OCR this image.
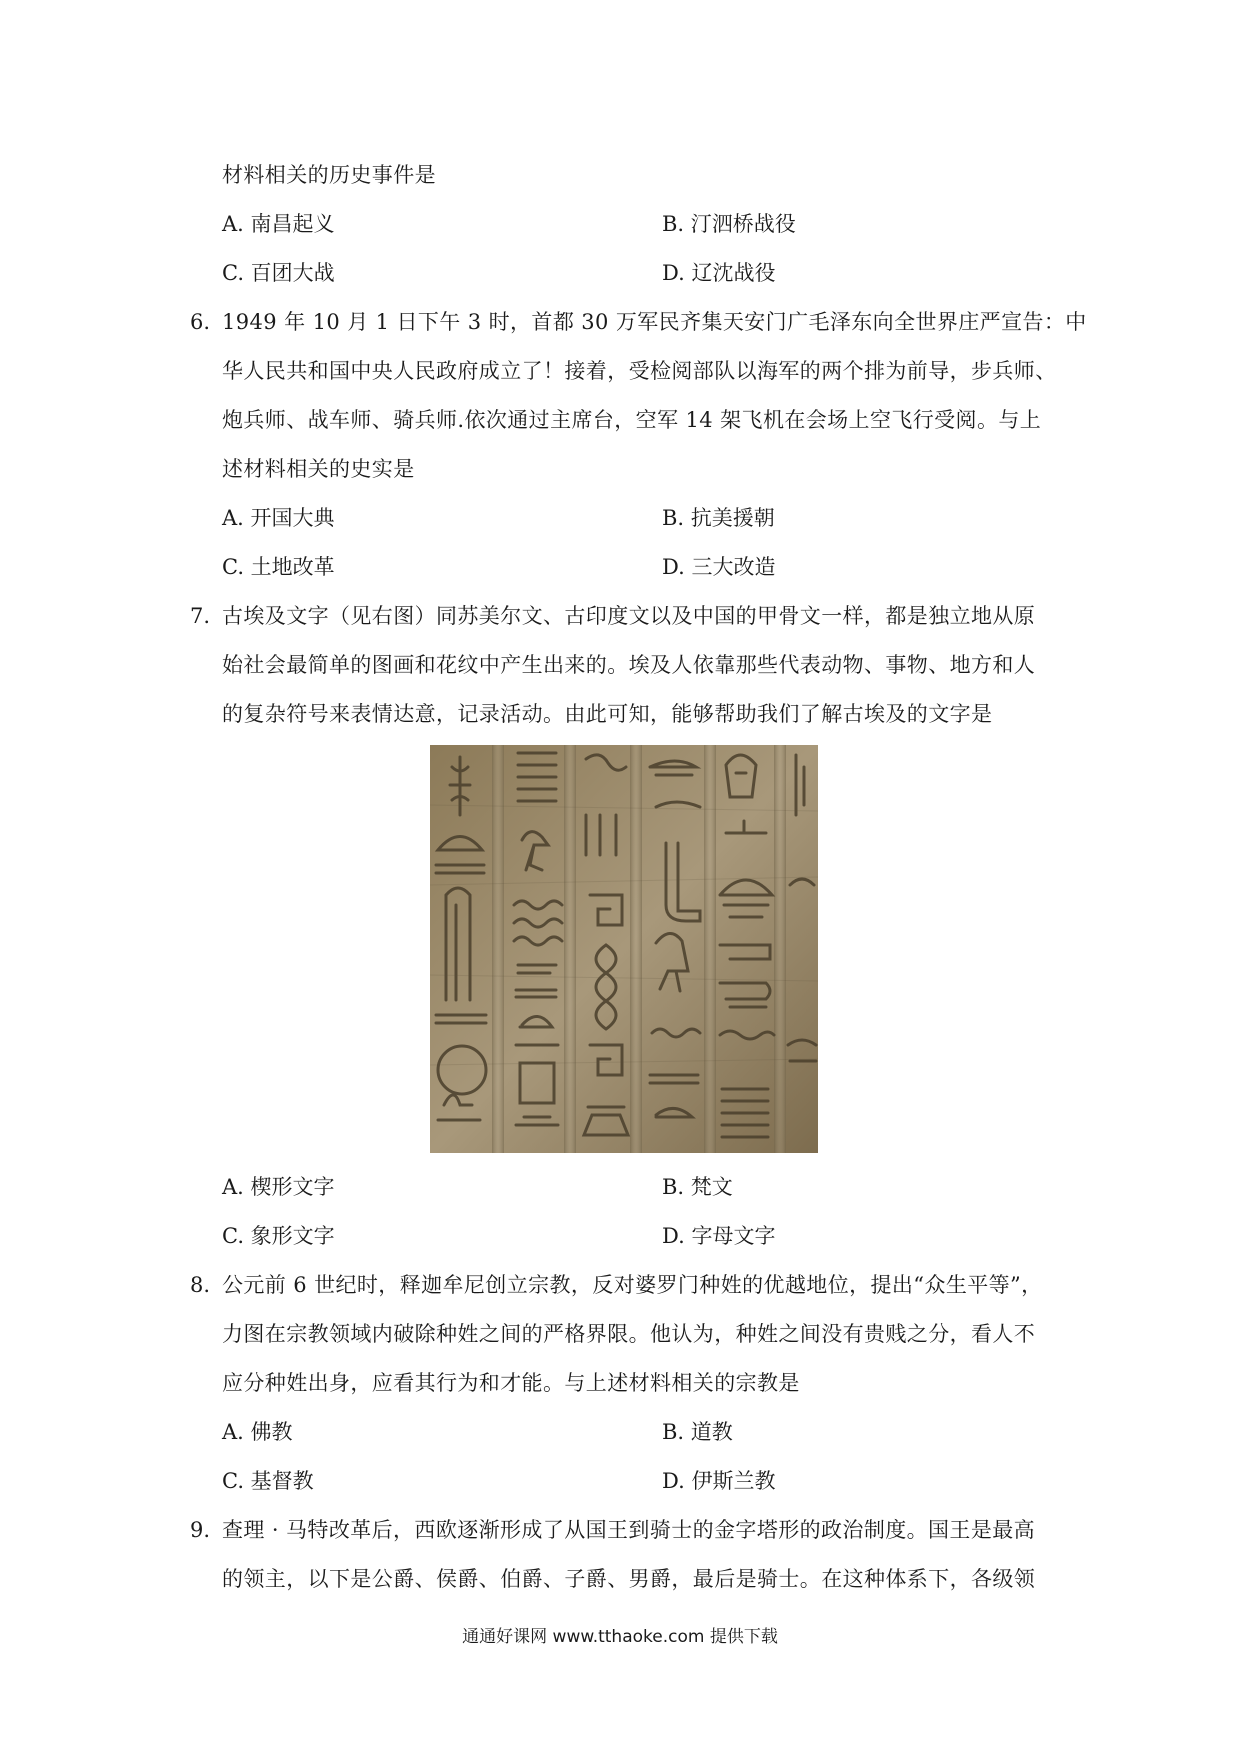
材料相关的历史事件是
A. 南昌起义	B. 汀泗桥战役
C. 百团大战	D. 辽沈战役
6. 1949 年 10 月 1 日下午 3 时，首都 30 万军民齐集天安门广毛泽东向全世界庄严宣告：中
华人民共和国中央人民政府成立了！接着，受检阅部队以海军的两个排为前导，步兵师、
炮兵师、战车师、骑兵师.依次通过主席台，空军 14 架飞机在会场上空飞行受阅。与上
述材料相关的史实是
A. 开国大典	B. 抗美援朝
C. 土地改革	D. 三大改造
7. 古埃及文字（见右图）同苏美尔文、古印度文以及中国的甲骨文一样，都是独立地从原
始社会最简单的图画和花纹中产生出来的。埃及人依靠那些代表动物、事物、地方和人
的复杂符号来表情达意，记录活动。由此可知，能够帮助我们了解古埃及的文字是
A. 楔形文字	B. 梵文
C. 象形文字	D. 字母文字
8. 公元前 6 世纪时，释迦牟尼创立宗教，反对婆罗门种姓的优越地位，提出“众生平等”，
力图在宗教领域内破除种姓之间的严格界限。他认为，种姓之间没有贵贱之分，看人不
应分种姓出身，应看其行为和才能。与上述材料相关的宗教是
A. 佛教	B. 道教
C. 基督教	D. 伊斯兰教
9. 查理 · 马特改革后，西欧逐渐形成了从国王到骑士的金字塔形的政治制度。国王是最高
的领主，以下是公爵、侯爵、伯爵、子爵、男爵，最后是骑士。在这种体系下，各级领
通通好课网 www.tthaoke.com 提供下载
